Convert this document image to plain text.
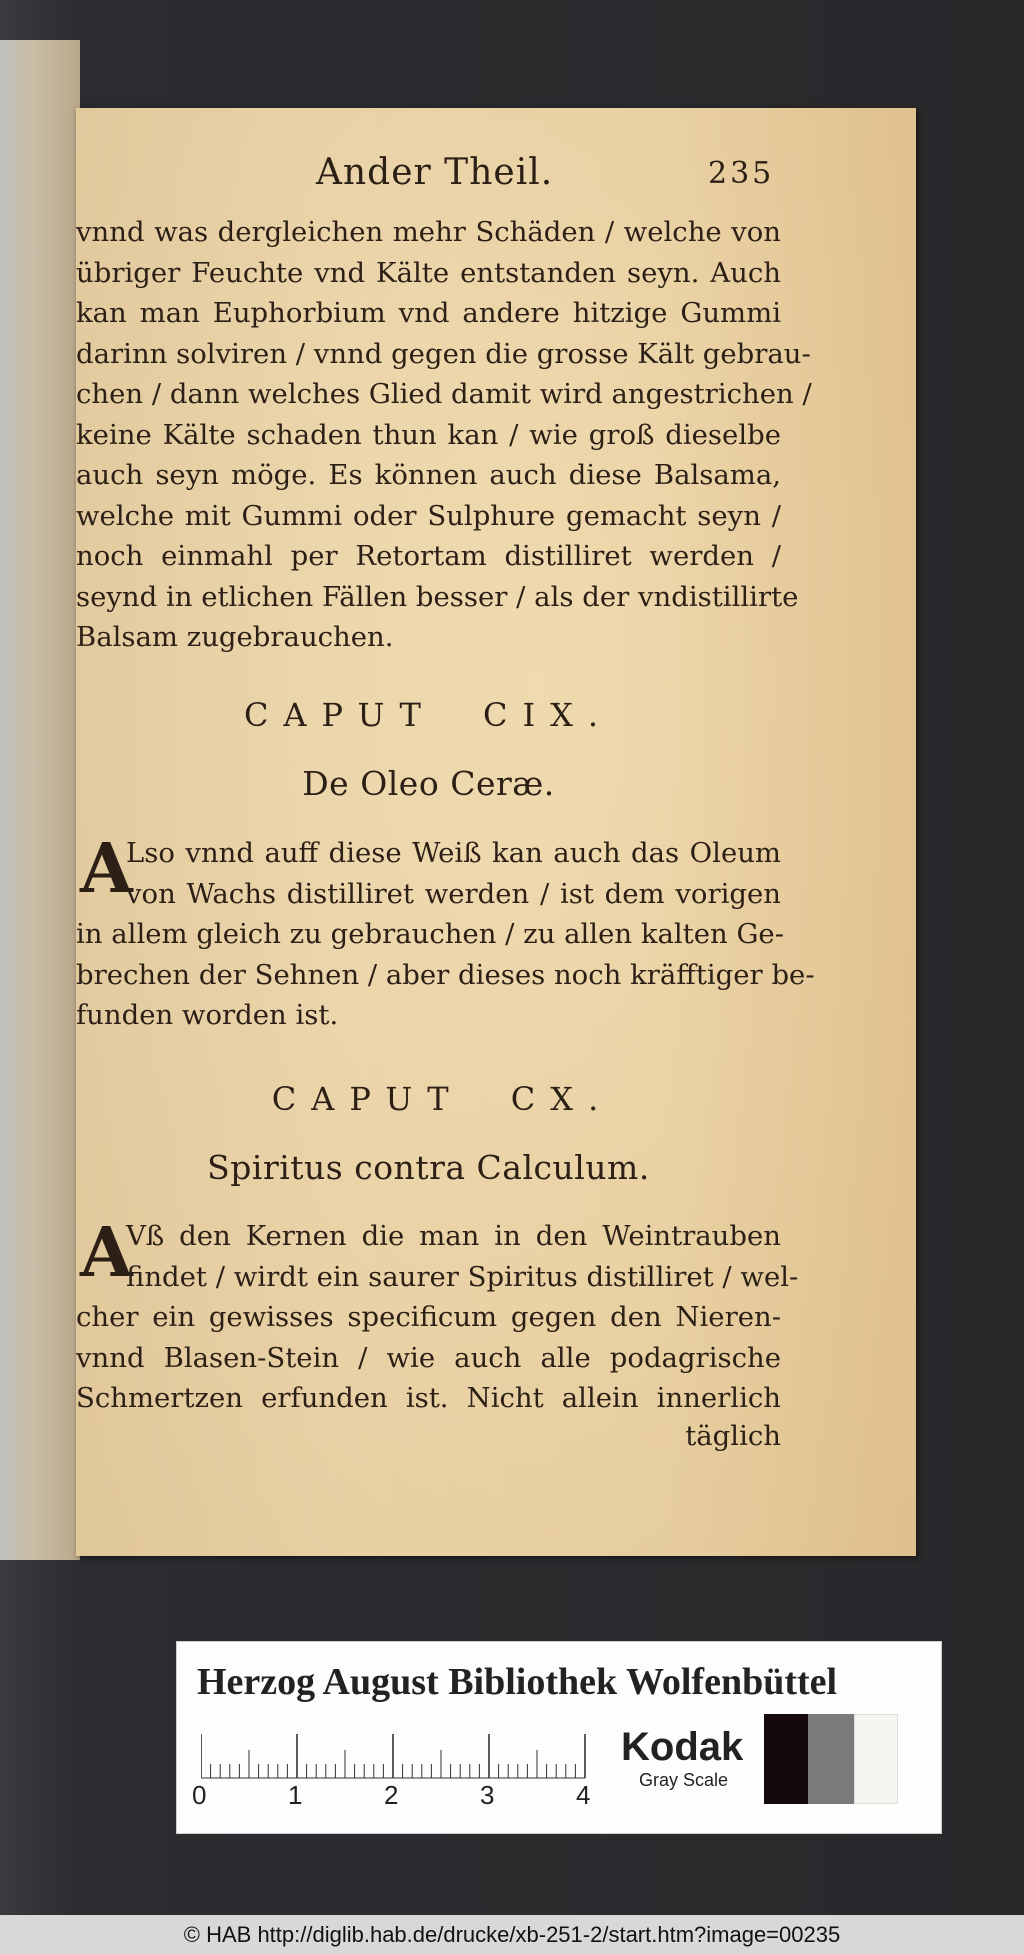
Ander Theil.	235
vnnd was dergleichen mehr Schäden / welche von
übriger Feuchte vnd Kälte entstanden seyn. Auch
kan man Euphorbium vnd andere hitzige Gummi
darinn solviren / vnnd gegen die grosse Kält gebrau-
chen / dann welches Glied damit wird angestrichen /
keine Kälte schaden thun kan / wie groß dieselbe
auch seyn möge. Es können auch diese Balsama,
welche mit Gummi oder Sulphure gemacht seyn /
noch einmahl per Retortam distilliret werden /
seynd in etlichen Fällen besser / als der vndistillirte
Balsam zugebrauchen.
CAPUT CIX.
De Oleo Ceræ.
A
Lso vnnd auff diese Weiß kan auch das Oleum
von Wachs distilliret werden / ist dem vorigen
in allem gleich zu gebrauchen / zu allen kalten Ge-
brechen der Sehnen / aber dieses noch kräfftiger be-
funden worden ist.
CAPUT CX.
Spiritus contra Calculum.
A
Vß den Kernen die man in den Weintrauben
findet / wirdt ein saurer Spiritus distilliret / wel-
cher ein gewisses specificum gegen den Nieren-
vnnd Blasen-Stein / wie auch alle podagrische
Schmertzen erfunden ist. Nicht allein innerlich
täglich
Herzog August Bibliothek Wolfenbüttel
0	1	2	3	4
Kodak
Gray Scale
© HAB http://diglib.hab.de/drucke/xb-251-2/start.htm?image=00235
